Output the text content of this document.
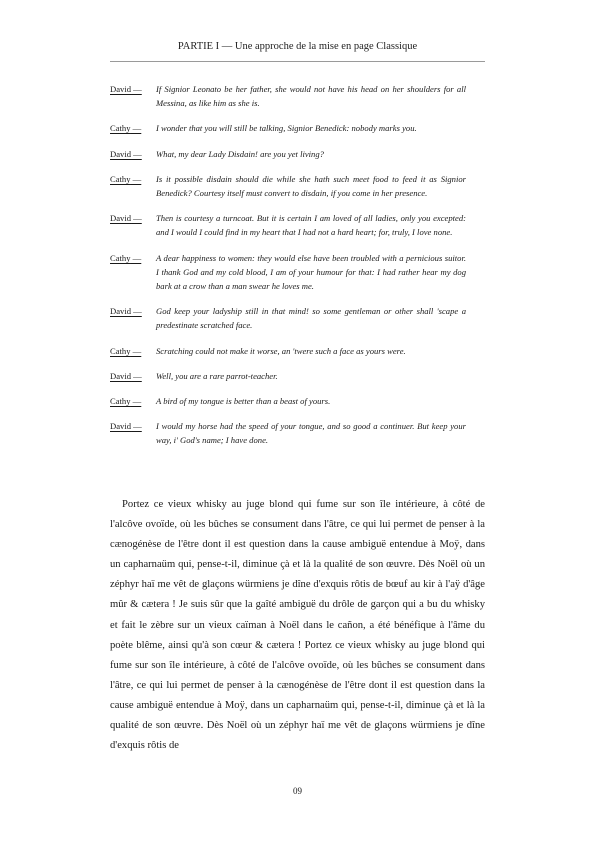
PARTIE I — Une approche de la mise en page Classique

David — If Signior Leonato be her father, she would not have his head on her shoulders for all Messina, as like him as she is.

Cathy — I wonder that you will still be talking, Signior Benedick: nobody marks you.

David — What, my dear Lady Disdain! are you yet living?

Cathy — Is it possible disdain should die while she hath such meet food to feed it as Signior Benedick? Courtesy itself must convert to disdain, if you come in her presence.

David — Then is courtesy a turncoat. But it is certain I am loved of all ladies, only you excepted: and I would I could find in my heart that I had not a hard heart; for, truly, I love none.

Cathy — A dear happiness to women: they would else have been troubled with a pernicious suitor. I thank God and my cold blood, I am of your humour for that: I had rather hear my dog bark at a crow than a man swear he loves me.

David — God keep your ladyship still in that mind! so some gentleman or other shall 'scape a predestinate scratched face.

Cathy — Scratching could not make it worse, an 'twere such a face as yours were.

David — Well, you are a rare parrot-teacher.

Cathy — A bird of my tongue is better than a beast of yours.

David — I would my horse had the speed of your tongue, and so good a continuer. But keep your way, i' God's name; I have done.

Portez ce vieux whisky au juge blond qui fume sur son île intérieure, à côté de l'alcôve ovoïde, où les bûches se consument dans l'âtre, ce qui lui permet de penser à la cænogénèse de l'être dont il est question dans la cause ambiguë entendue à Moÿ, dans un capharnaüm qui, pense-t-il, diminue çà et là la qualité de son œuvre. Dès Noël où un zéphyr haï me vêt de glaçons würmiens je dîne d'exquis rôtis de bœuf au kir à l'aÿ d'âge mûr & cætera ! Je suis sûr que la gaîté ambiguë du drôle de garçon qui a bu du whisky et fait le zèbre sur un vieux caïman à Noël dans le cañon, a été bénéfique à l'âme du poète blême, ainsi qu'à son cœur & cætera ! Portez ce vieux whisky au juge blond qui fume sur son île intérieure, à côté de l'alcôve ovoïde, où les bûches se consument dans l'âtre, ce qui lui permet de penser à la cænogénèse de l'être dont il est question dans la cause ambiguë entendue à Moÿ, dans un capharnaüm qui, pense-t-il, diminue çà et là la qualité de son œuvre. Dès Noël où un zéphyr haï me vêt de glaçons würmiens je dîne d'exquis rôtis de

09
